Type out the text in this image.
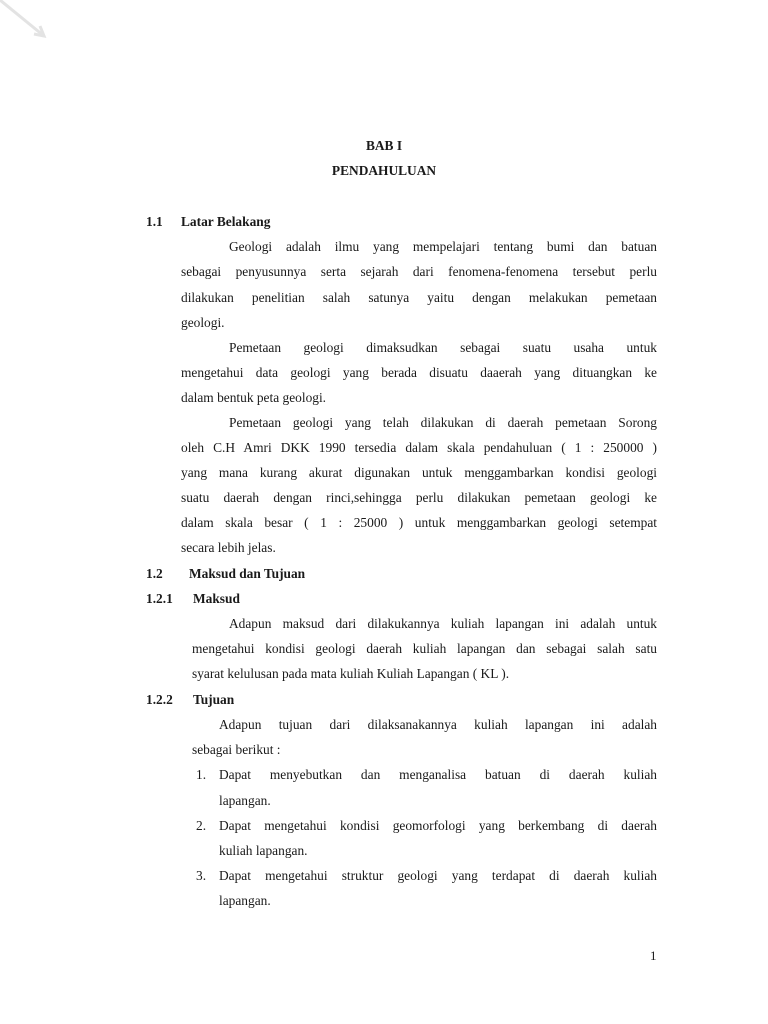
BAB I
PENDAHULUAN
1.1 Latar Belakang
Geologi adalah ilmu yang mempelajari tentang bumi dan batuan
sebagai penyusunnya serta sejarah dari fenomena-fenomena tersebut perlu
dilakukan penelitian salah satunya yaitu dengan melakukan pemetaan
geologi.
Pemetaan geologi dimaksudkan sebagai suatu usaha untuk
mengetahui data geologi yang berada disuatu daaerah yang dituangkan ke
dalam bentuk peta geologi.
Pemetaan geologi yang telah dilakukan di daerah pemetaan Sorong
oleh C.H Amri DKK 1990 tersedia dalam skala pendahuluan ( 1 : 250000 )
yang mana kurang akurat digunakan untuk menggambarkan kondisi geologi
suatu daerah dengan rinci,sehingga perlu dilakukan pemetaan geologi ke
dalam skala besar ( 1 : 25000 ) untuk menggambarkan geologi setempat
secara lebih jelas.
1.2 Maksud dan Tujuan
1.2.1 Maksud
Adapun maksud dari dilakukannya kuliah lapangan ini adalah untuk
mengetahui kondisi geologi daerah kuliah lapangan dan sebagai salah satu
syarat kelulusan pada mata kuliah Kuliah Lapangan ( KL ).
1.2.2 Tujuan
Adapun tujuan dari dilaksanakannya kuliah lapangan ini adalah
sebagai berikut :
1. Dapat menyebutkan dan menganalisa batuan di daerah kuliah
lapangan.
2. Dapat mengetahui kondisi geomorfologi yang berkembang di daerah
kuliah lapangan.
3. Dapat mengetahui struktur geologi yang terdapat di daerah kuliah
lapangan.
1
